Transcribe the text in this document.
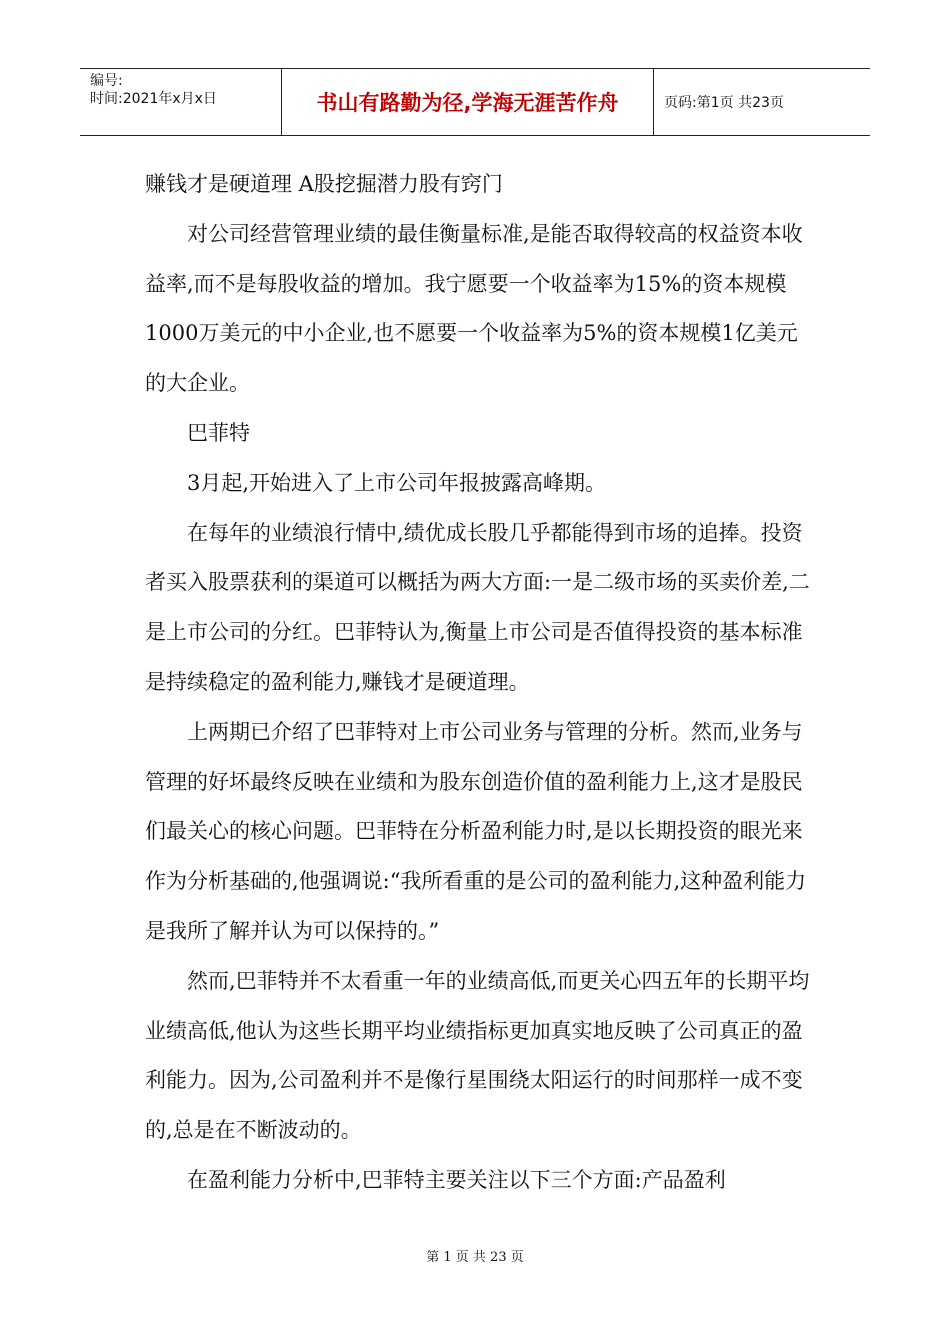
编号:
时间:2021年x月x日	书山有路勤为径,学海无涯苦作舟	页码:第1页 共23页

赚钱才是硬道理 A股挖掘潜力股有窍门

对公司经营管理业绩的最佳衡量标准,是能否取得较高的权益资本收益率,而不是每股收益的增加。我宁愿要一个收益率为15%的资本规模1000万美元的中小企业,也不愿要一个收益率为5%的资本规模1亿美元的大企业。

巴菲特

3月起,开始进入了上市公司年报披露高峰期。

在每年的业绩浪行情中,绩优成长股几乎都能得到市场的追捧。投资者买入股票获利的渠道可以概括为两大方面:一是二级市场的买卖价差,二是上市公司的分红。巴菲特认为,衡量上市公司是否值得投资的基本标准是持续稳定的盈利能力,赚钱才是硬道理。

上两期已介绍了巴菲特对上市公司业务与管理的分析。然而,业务与管理的好坏最终反映在业绩和为股东创造价值的盈利能力上,这才是股民们最关心的核心问题。巴菲特在分析盈利能力时,是以长期投资的眼光来作为分析基础的,他强调说:“我所看重的是公司的盈利能力,这种盈利能力是我所了解并认为可以保持的。”

然而,巴菲特并不太看重一年的业绩高低,而更关心四五年的长期平均业绩高低,他认为这些长期平均业绩指标更加真实地反映了公司真正的盈利能力。因为,公司盈利并不是像行星围绕太阳运行的时间那样一成不变的,总是在不断波动的。

在盈利能力分析中,巴菲特主要关注以下三个方面:产品盈利

第 1 页 共 23 页
